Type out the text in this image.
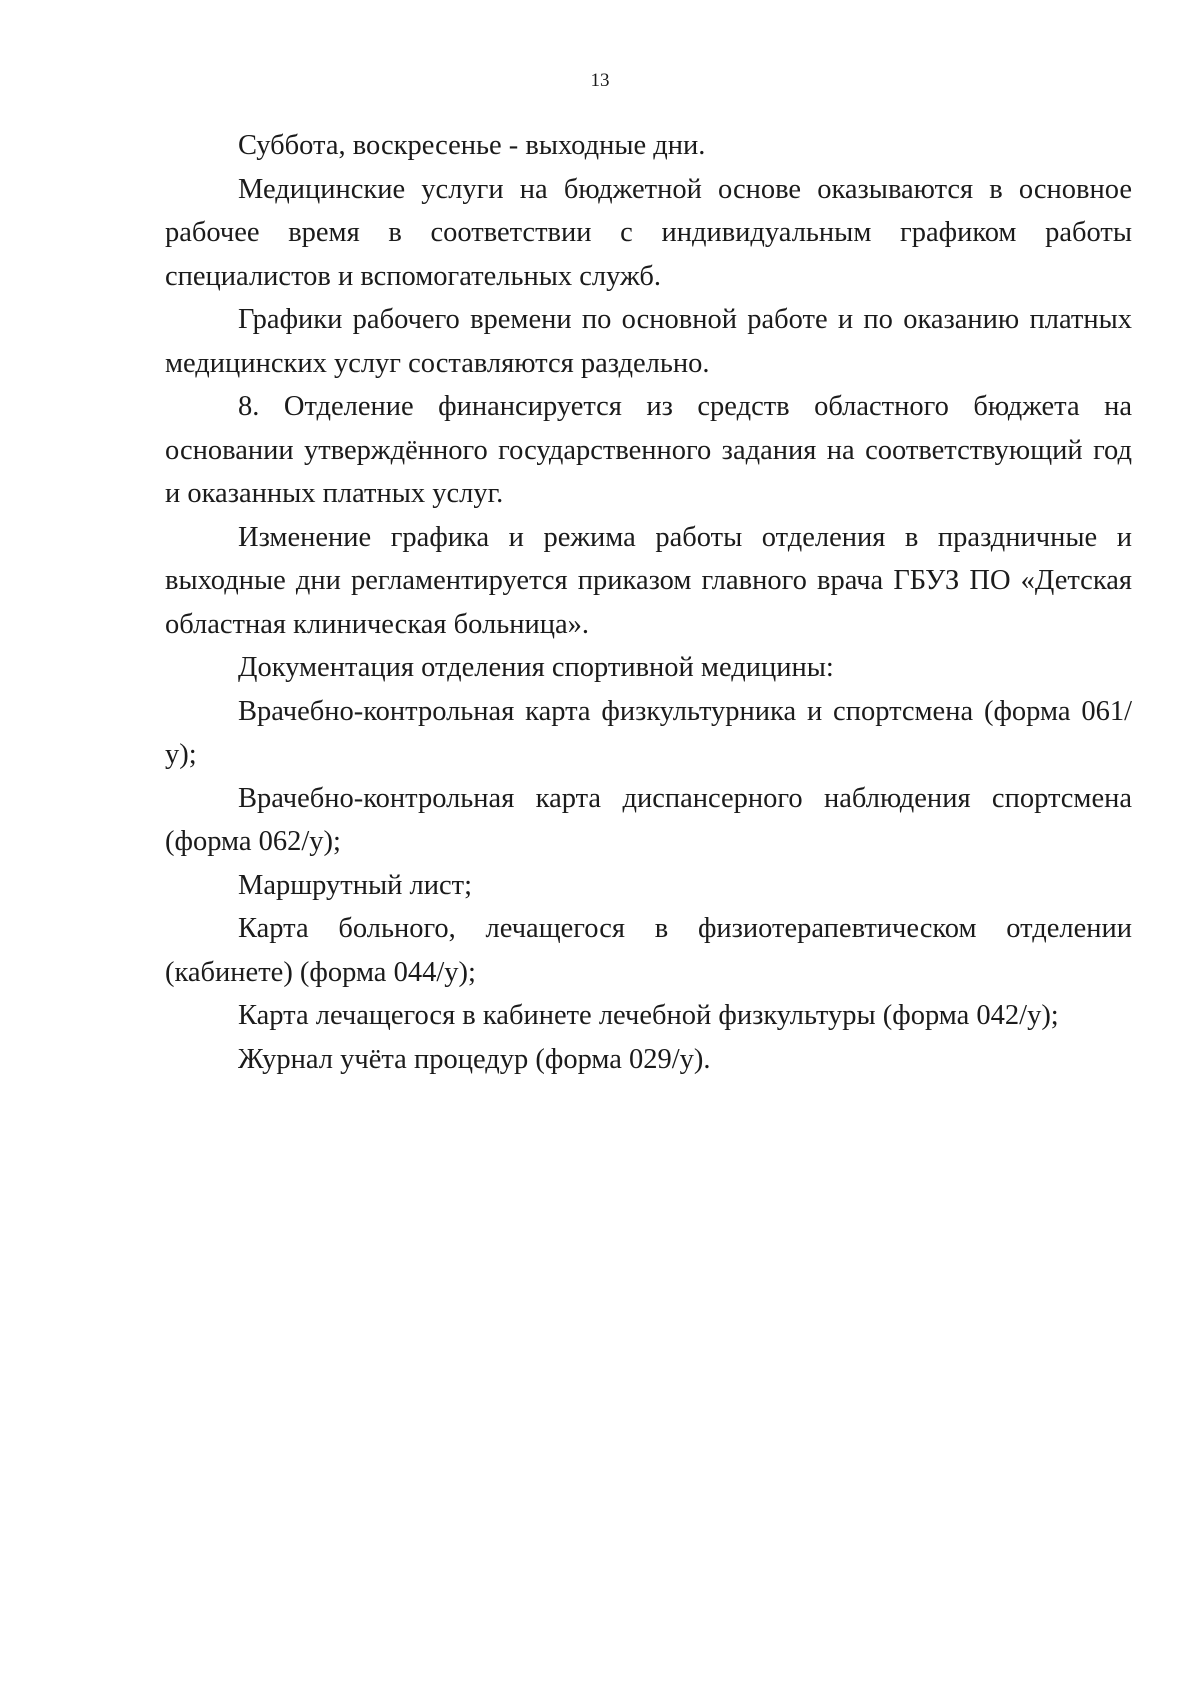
13

Суббота, воскресенье - выходные дни.

Медицинские услуги на бюджетной основе оказываются в основное рабочее время в соответствии с индивидуальным графиком работы специалистов и вспомогательных служб.

Графики рабочего времени по основной работе и по оказанию платных медицинских услуг составляются раздельно.

8. Отделение финансируется из средств областного бюджета на основании утверждённого государственного задания на соответствующий год и оказанных платных услуг.

Изменение графика и режима работы отделения в праздничные и выходные дни регламентируется приказом главного врача ГБУЗ ПО «Детская областная клиническая больница».

Документация отделения спортивной медицины:

Врачебно-контрольная карта физкультурника и спортсмена (форма 061/у);

Врачебно-контрольная карта диспансерного наблюдения спортсмена (форма 062/у);

Маршрутный лист;

Карта больного, лечащегося в физиотерапевтическом отделении (кабинете) (форма 044/у);

Карта лечащегося в кабинете лечебной физкультуры (форма 042/у);

Журнал учёта процедур (форма 029/у).
